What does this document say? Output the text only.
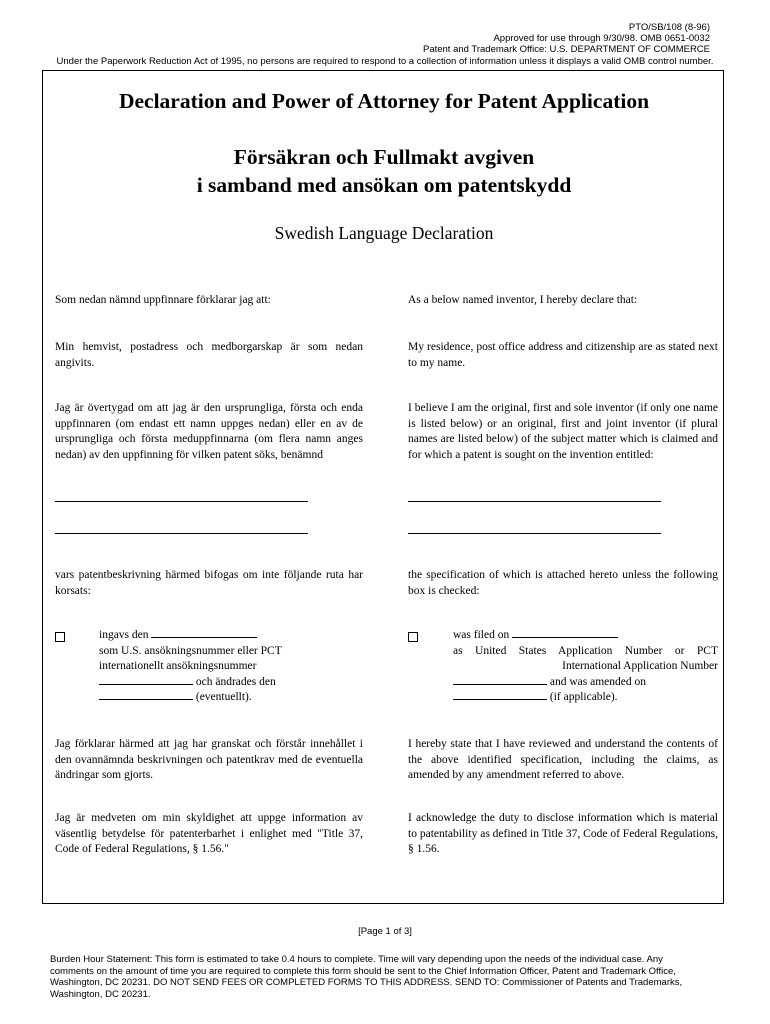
PTO/SB/108 (8-96)
Approved for use through 9/30/98. OMB 0651-0032
Patent and Trademark Office: U.S. DEPARTMENT OF COMMERCE
Under the Paperwork Reduction Act of 1995, no persons are required to respond to a collection of information unless it displays a valid OMB control number.
Declaration and Power of Attorney for Patent Application
Försäkran och Fullmakt avgiven
i samband med ansökan om patentskydd
Swedish Language Declaration
Som nedan nämnd uppfinnare förklarar jag att:	As a below named inventor, I hereby declare that:
Min hemvist, postadress och medborgarskap är som nedan angivits.
My residence, post office address and citizenship are as stated next to my name.
Jag är övertygad om att jag är den ursprungliga, första och enda uppfinnaren (om endast ett namn uppges nedan) eller en av de ursprungliga och första meduppfinnarna (om flera namn anges nedan) av den uppfinning för vilken patent söks, benämnd
I believe I am the original, first and sole inventor (if only one name is listed below) or an original, first and joint inventor (if plural names are listed below) of the subject matter which is claimed and for which a patent is sought on the invention entitled:
vars patentbeskrivning härmed bifogas om inte följande ruta har korsats:
the specification of which is attached hereto unless the following box is checked:
ingavs den
som U.S. ansökningsnummer eller PCT
internationellt ansökningsnummer
och ändrades den
(eventuellt).
was filed on
as United States Application Number or PCT
International Application Number
and was amended on
(if applicable).
Jag förklarar härmed att jag har granskat och förstår innehållet i den ovannämnda beskrivningen och patentkrav med de eventuella ändringar som gjorts.
I hereby state that I have reviewed and understand the contents of the above identified specification, including the claims, as amended by any amendment referred to above.
Jag är medveten om min skyldighet att uppge information av väsentlig betydelse för patenterbarhet i enlighet med "Title 37, Code of Federal Regulations, § 1.56."
I acknowledge the duty to disclose information which is material to patentability as defined in Title 37, Code of Federal Regulations, § 1.56.
[Page 1 of 3]
Burden Hour Statement: This form is estimated to take 0.4 hours to complete. Time will vary depending upon the needs of the individual case. Any comments on the amount of time you are required to complete this form should be sent to the Chief Information Officer, Patent and Trademark Office, Washington, DC 20231. DO NOT SEND FEES OR COMPLETED FORMS TO THIS ADDRESS. SEND TO: Commissioner of Patents and Trademarks, Washington, DC 20231.
